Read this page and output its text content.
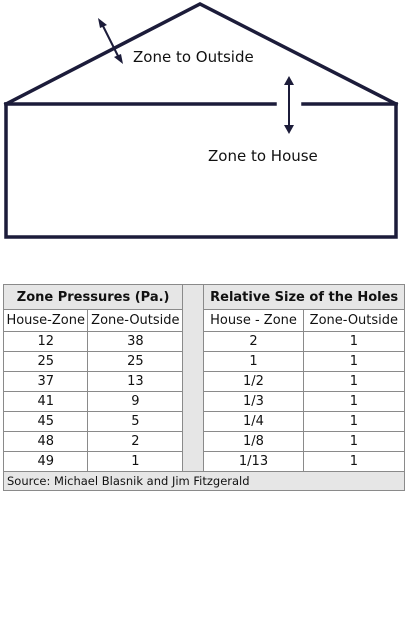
Zone to Outside
Zone to House
Zone Pressures (Pa.)			Relative Size of the Holes	
House-Zone	Zone-Outside		House - Zone	Zone-Outside
12	38		2	1
25	25		1	1
37	13		1/2	1
41	9		1/3	1
45	5		1/4	1
48	2		1/8	1
49	1		1/13	1
Source: Michael Blasnik and Jim Fitzgerald				
